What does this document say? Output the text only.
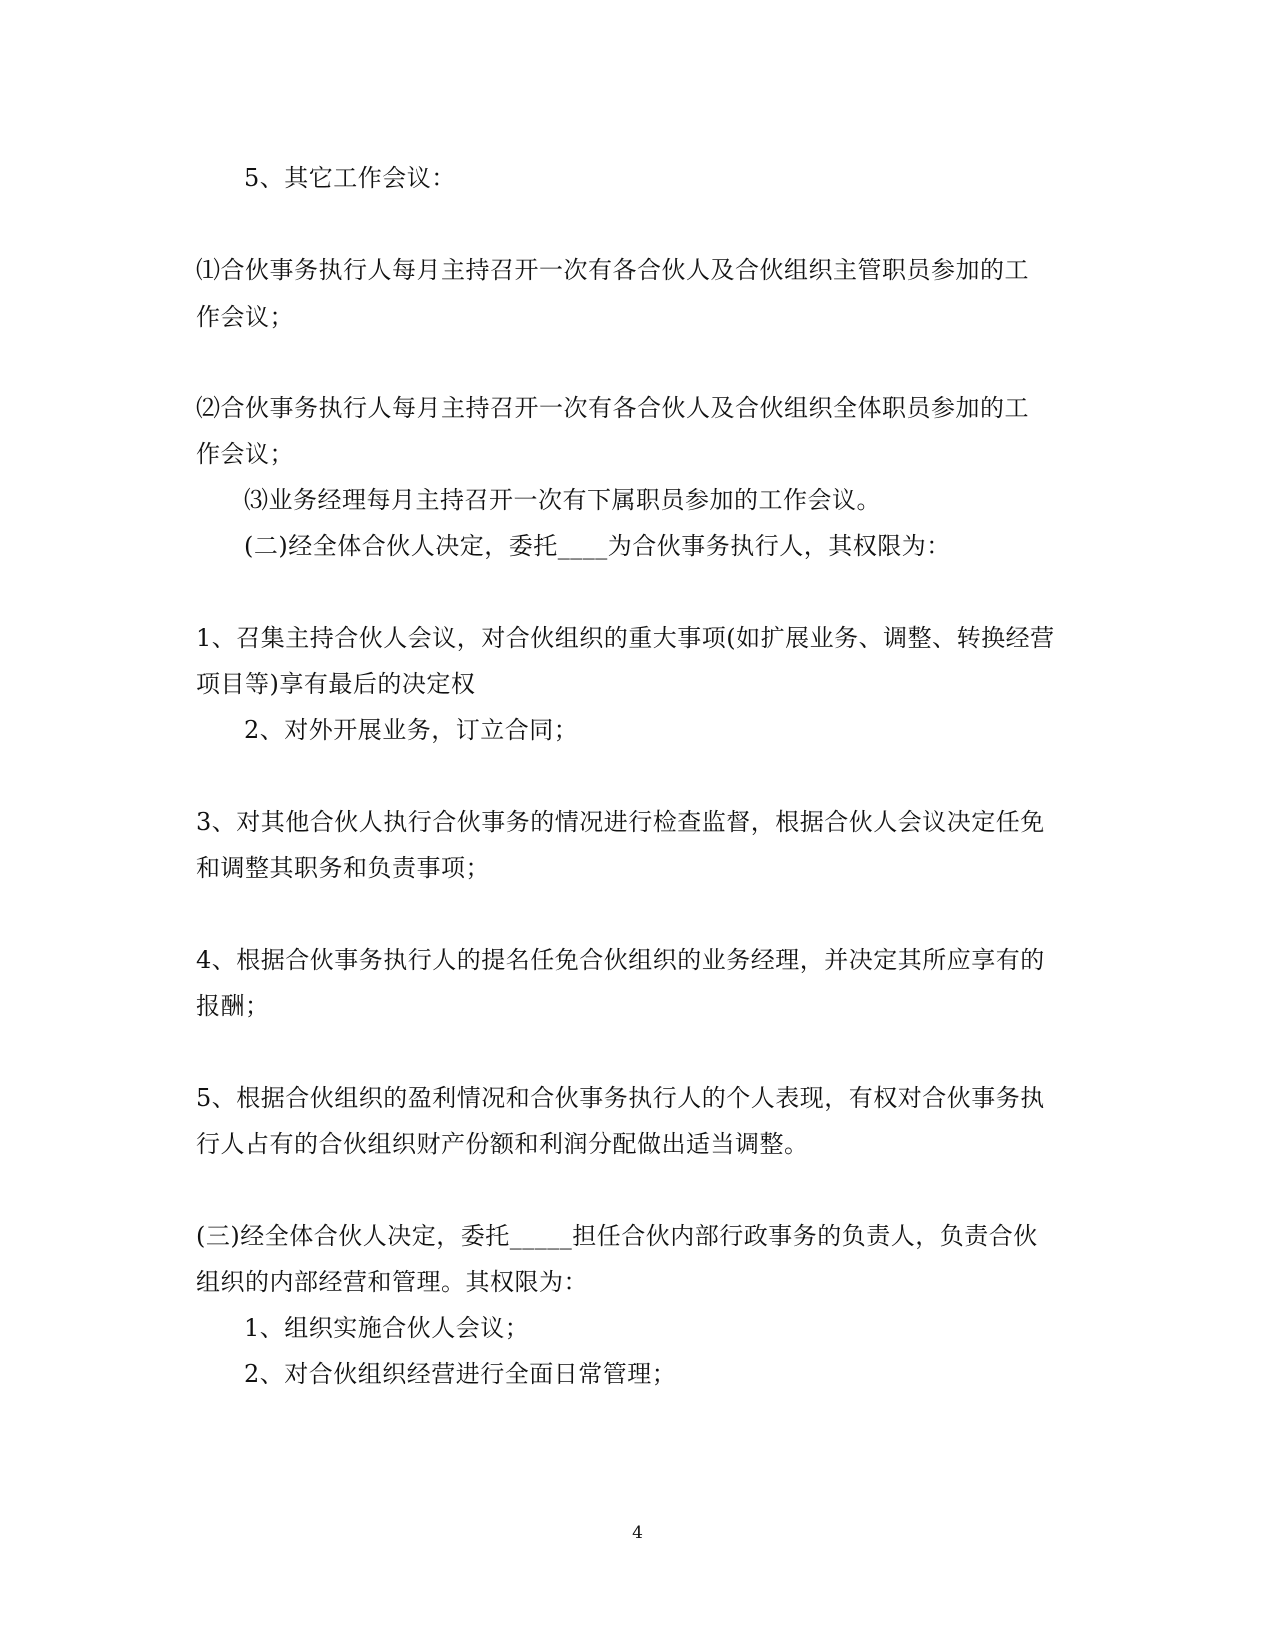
5、其它工作会议：
⑴合伙事务执行人每月主持召开一次有各合伙人及合伙组织主管职员参加的工
作会议；
⑵合伙事务执行人每月主持召开一次有各合伙人及合伙组织全体职员参加的工
作会议；
⑶业务经理每月主持召开一次有下属职员参加的工作会议。
(二)经全体合伙人决定，委托____为合伙事务执行人，其权限为：
1、召集主持合伙人会议，对合伙组织的重大事项(如扩展业务、调整、转换经营
项目等)享有最后的决定权
2、对外开展业务，订立合同；
3、对其他合伙人执行合伙事务的情况进行检查监督，根据合伙人会议决定任免
和调整其职务和负责事项；
4、根据合伙事务执行人的提名任免合伙组织的业务经理，并决定其所应享有的
报酬；
5、根据合伙组织的盈利情况和合伙事务执行人的个人表现，有权对合伙事务执
行人占有的合伙组织财产份额和利润分配做出适当调整。
(三)经全体合伙人决定，委托_____担任合伙内部行政事务的负责人，负责合伙
组织的内部经营和管理。其权限为：
1、组织实施合伙人会议；
2、对合伙组织经营进行全面日常管理；
4
